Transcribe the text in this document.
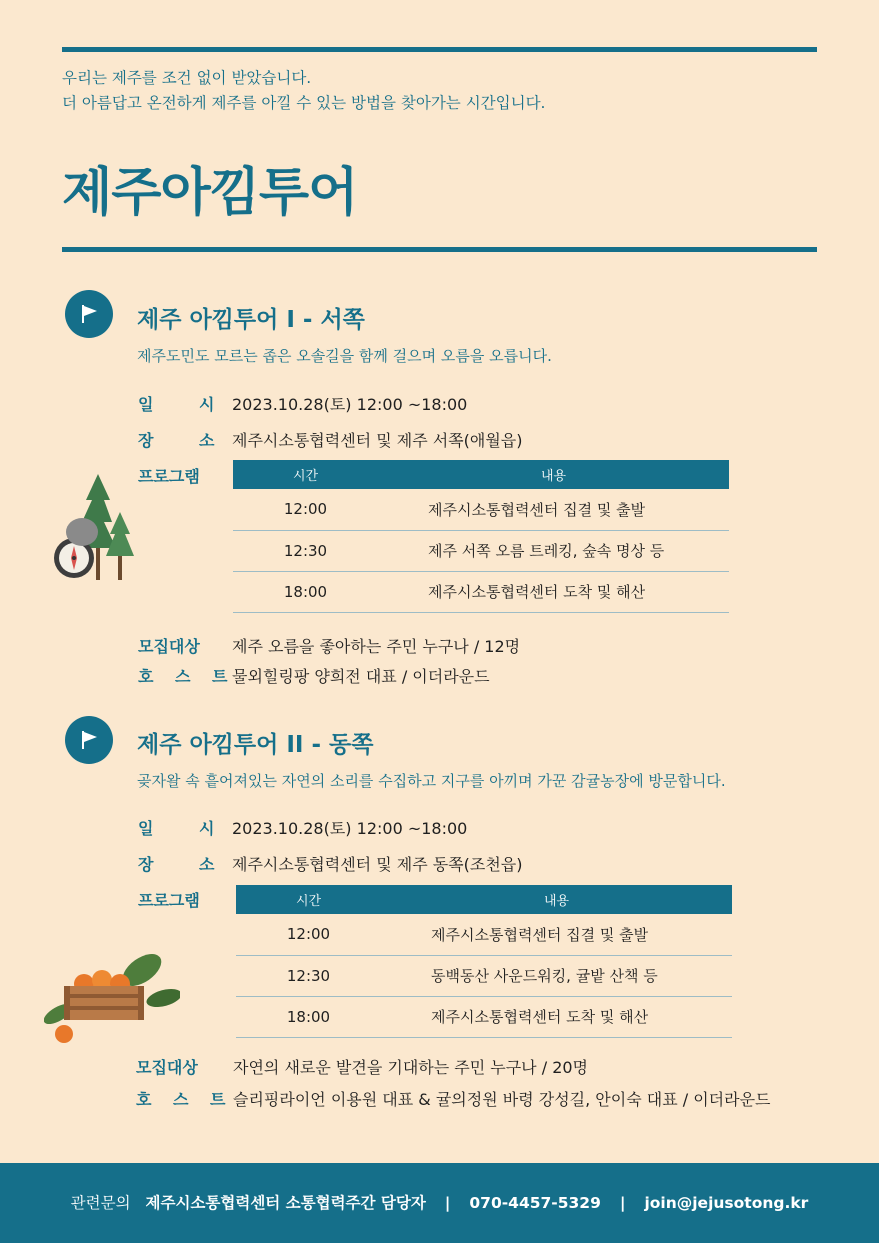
우리는 제주를 조건 없이 받았습니다.
더 아름답고 온전하게 제주를 아낄 수 있는 방법을 찾아가는 시간입니다.
제주아낌투어
제주 아낌투어 I - 서쪽
제주도민도 모르는 좁은 오솔길을 함께 걸으며 오름을 오릅니다.
일 시
2023.10.28(토) 12:00 ~18:00
장 소
제주시소통협력센터 및 제주 서쪽(애월읍)
프로그램	시간	내용
12:00	제주시소통협력센터 집결 및 출발
12:30	제주 서쪽 오름 트레킹, 숲속 명상 등
18:00	제주시소통협력센터 도착 및 해산
모집대상 제주 오름을 좋아하는 주민 누구나 / 12명
호 스 트
물외힐링팡 양희전 대표 / 이더라운드
제주 아낌투어 II - 동쪽
곶자왈 속 흩어져있는 자연의 소리를 수집하고 지구를 아끼며 가꾼 감귤농장에 방문합니다.
일 시
2023.10.28(토) 12:00 ~18:00
장 소
제주시소통협력센터 및 제주 동쪽(조천읍)
프로그램	시간	내용
12:00	제주시소통협력센터 집결 및 출발
12:30	동백동산 사운드워킹, 귤밭 산책 등
18:00	제주시소통협력센터 도착 및 해산
모집대상 자연의 새로운 발견을 기대하는 주민 누구나 / 20명
호 스 트 슬리핑라이언 이용원 대표 & 귤의정원 바령 강성길, 안이숙 대표 / 이더라운드
관련문의 제주시소통협력센터 소통협력주간 담당자 | 070-4457-5329 | join@jejusotong.kr
